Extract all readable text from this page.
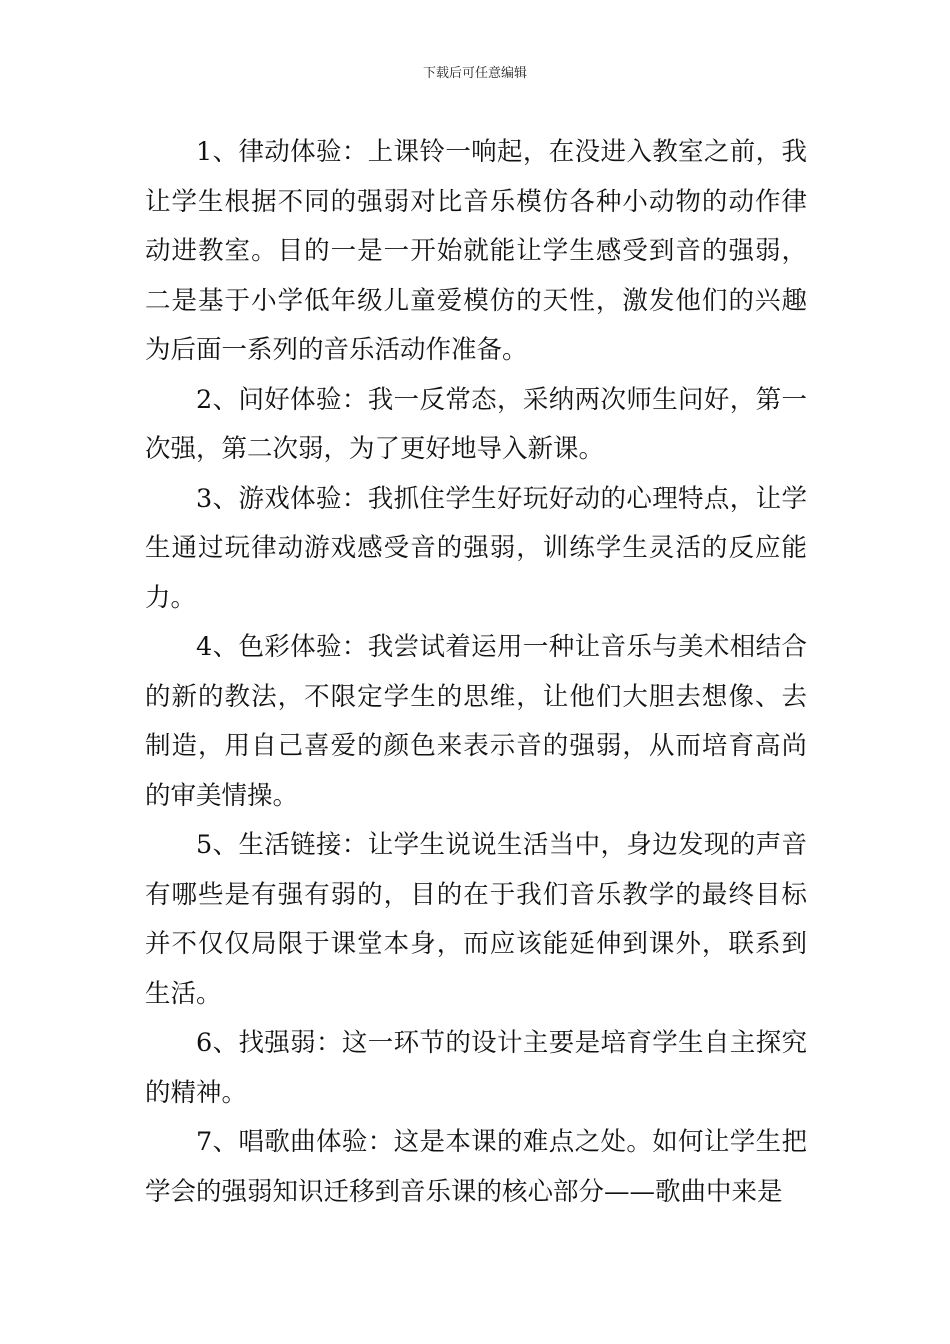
下载后可任意编辑

1、律动体验：上课铃一响起，在没进入教室之前，我让学生根据不同的强弱对比音乐模仿各种小动物的动作律动进教室。目的一是一开始就能让学生感受到音的强弱，二是基于小学低年级儿童爱模仿的天性，激发他们的兴趣为后面一系列的音乐活动作准备。

2、问好体验：我一反常态，采纳两次师生问好，第一次强，第二次弱，为了更好地导入新课。

3、游戏体验：我抓住学生好玩好动的心理特点，让学生通过玩律动游戏感受音的强弱，训练学生灵活的反应能力。

4、色彩体验：我尝试着运用一种让音乐与美术相结合的新的教法，不限定学生的思维，让他们大胆去想像、去制造，用自己喜爱的颜色来表示音的强弱，从而培育高尚的审美情操。

5、生活链接：让学生说说生活当中，身边发现的声音有哪些是有强有弱的，目的在于我们音乐教学的最终目标并不仅仅局限于课堂本身，而应该能延伸到课外，联系到生活。

6、找强弱：这一环节的设计主要是培育学生自主探究的精神。

7、唱歌曲体验：这是本课的难点之处。如何让学生把学会的强弱知识迁移到音乐课的核心部分——歌曲中来是
